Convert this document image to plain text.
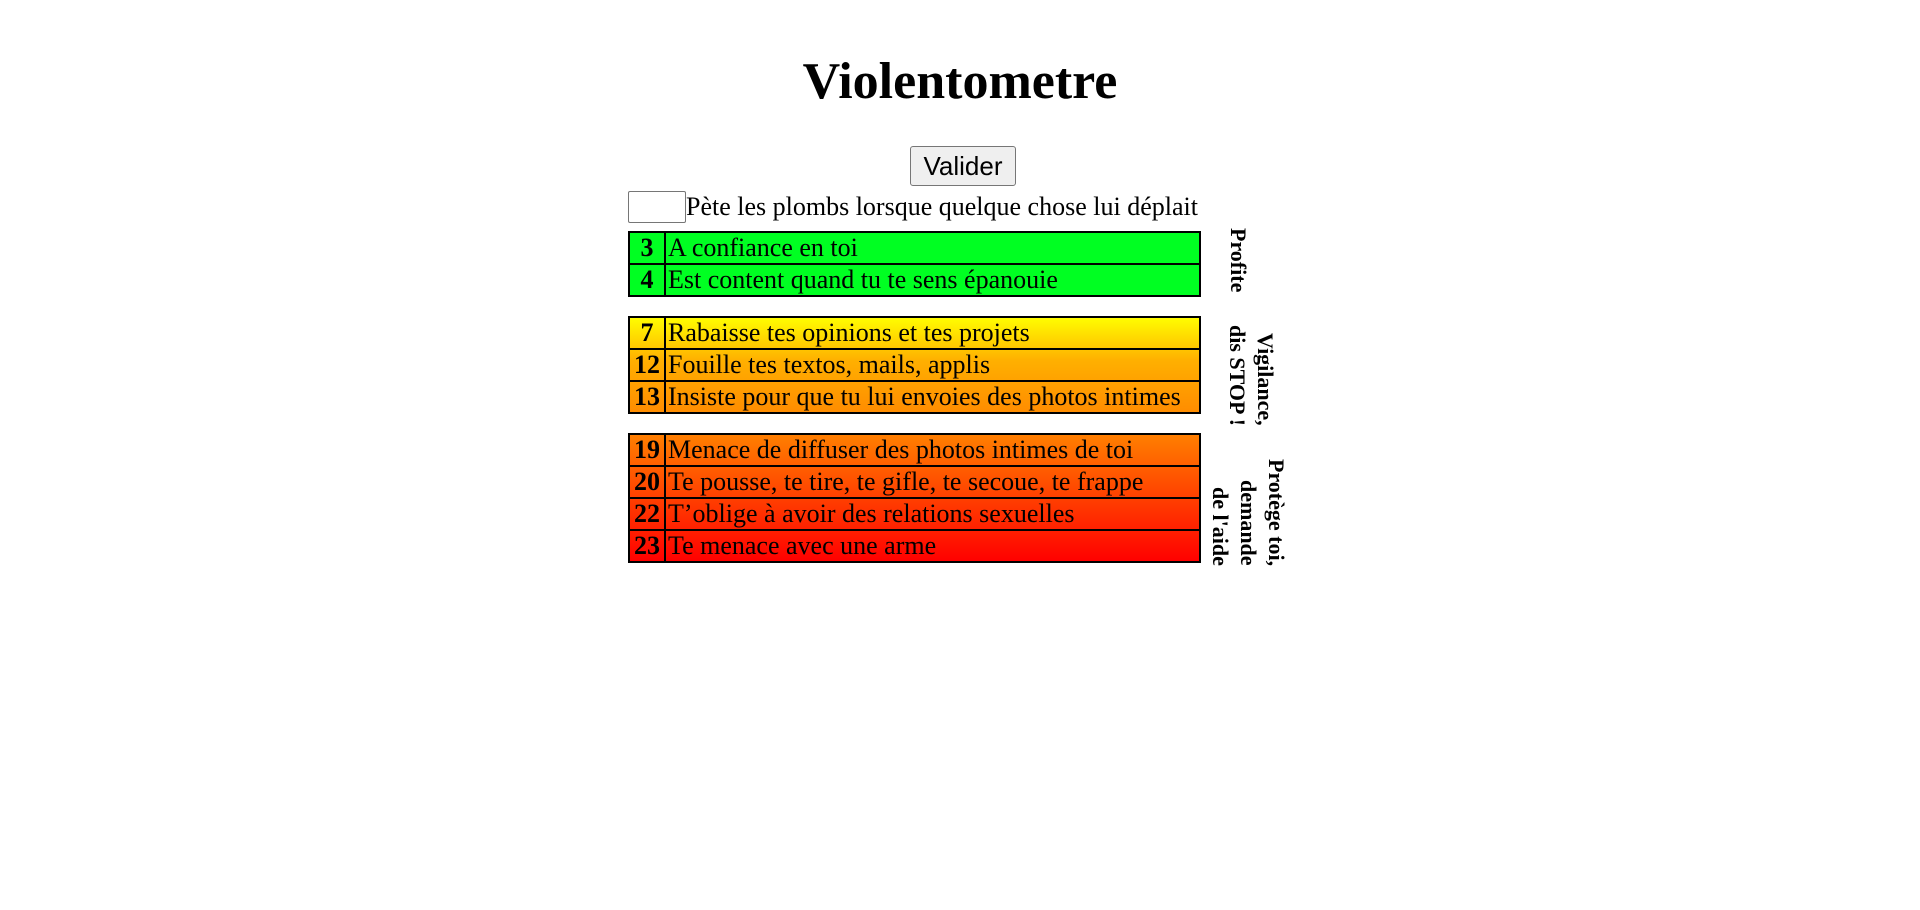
Violentometre
Valider
Pète les plombs lorsque quelque chose lui déplait
3	A confiance en toi
4	Est content quand tu te sens épanouie
7	Rabaisse tes opinions et tes projets
12	Fouille tes textos, mails, applis
13	Insiste pour que tu lui envoies des photos intimes
19	Menace de diffuser des photos intimes de toi
20	Te pousse, te tire, te gifle, te secoue, te frappe
22	T’oblige à avoir des relations sexuelles
23	Te menace avec une arme
Profite
Vigilance,
dis STOP !
Protège toi,
demande
de l'aide
